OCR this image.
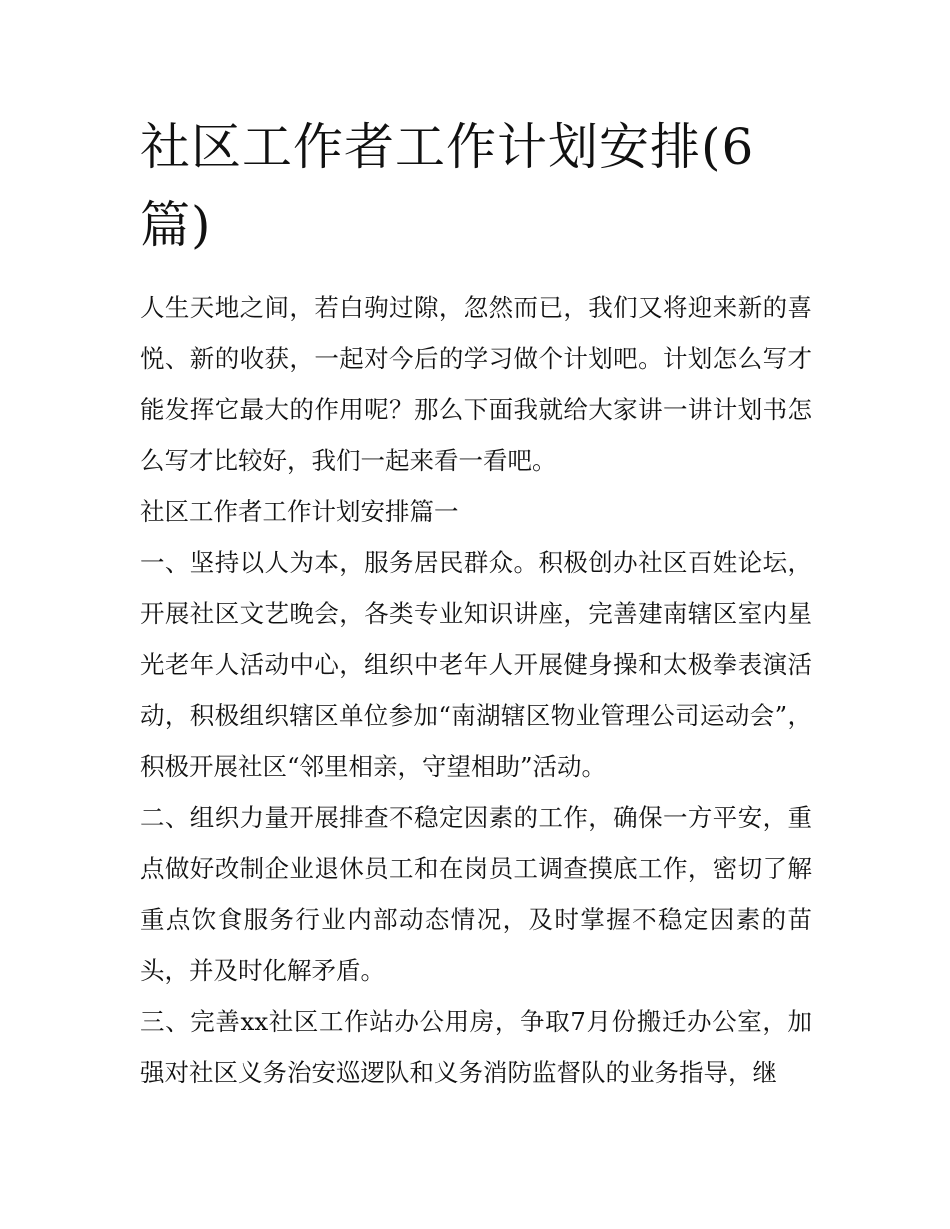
社区工作者工作计划安排(6篇)

人生天地之间，若白驹过隙，忽然而已，我们又将迎来新的喜悦、新的收获，一起对今后的学习做个计划吧。计划怎么写才能发挥它最大的作用呢？那么下面我就给大家讲一讲计划书怎么写才比较好，我们一起来看一看吧。

社区工作者工作计划安排篇一

一、坚持以人为本，服务居民群众。积极创办社区百姓论坛，开展社区文艺晚会，各类专业知识讲座，完善建南辖区室内星光老年人活动中心，组织中老年人开展健身操和太极拳表演活动，积极组织辖区单位参加“南湖辖区物业管理公司运动会”，积极开展社区“邻里相亲，守望相助”活动。

二、组织力量开展排查不稳定因素的工作，确保一方平安，重点做好改制企业退休员工和在岗员工调查摸底工作，密切了解重点饮食服务行业内部动态情况，及时掌握不稳定因素的苗头，并及时化解矛盾。

三、完善xx社区工作站办公用房，争取7月份搬迁办公室，加强对社区义务治安巡逻队和义务消防监督队的业务指导，继
